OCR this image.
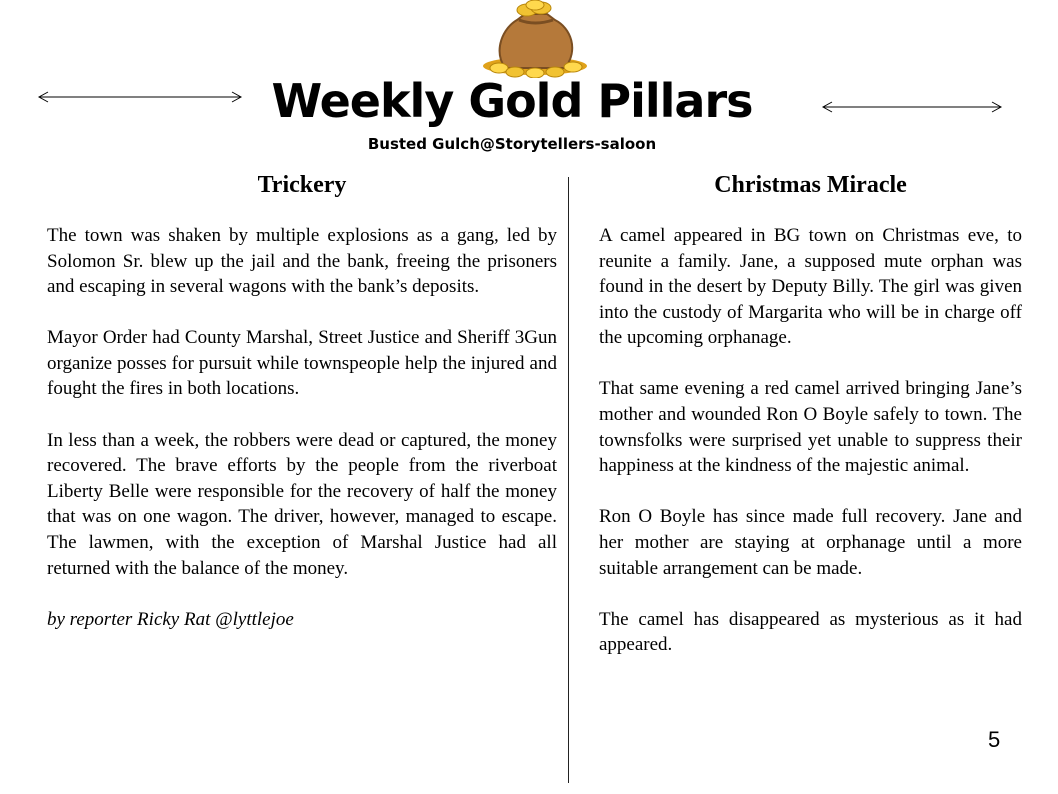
Weekly Gold Pillars
Busted Gulch@Storytellers-saloon
Trickery

The town was shaken by multiple explosions as a gang, led by Solomon Sr. blew up the jail and the bank, freeing the prisoners and escaping in several wagons with the bank’s deposits.

Mayor Order had County Marshal, Street Justice and Sheriff 3Gun organize posses for pursuit while townspeople help the injured and fought the fires in both locations.

In less than a week, the robbers were dead or captured, the money recovered. The brave efforts by the people from the riverboat Liberty Belle were responsible for the recovery of half the money that was on one wagon. The driver, however, managed to escape. The lawmen, with the exception of Marshal Justice had all returned with the balance of the money.

by reporter Ricky Rat @lyttlejoe

Christmas Miracle

A camel appeared in BG town on Christmas eve, to reunite a family. Jane, a supposed mute orphan was found in the desert by Deputy Billy. The girl was given into the custody of Margarita who will be in charge off the upcoming orphanage.

That same evening a red camel arrived bringing Jane’s mother and wounded Ron O Boyle safely to town. The townsfolks were surprised yet unable to suppress their happiness at the kindness of the majestic animal.

Ron O Boyle has since made full recovery. Jane and her mother are staying at orphanage until a more suitable arrangement can be made.

The camel has disappeared as mysterious as it had appeared.

5
